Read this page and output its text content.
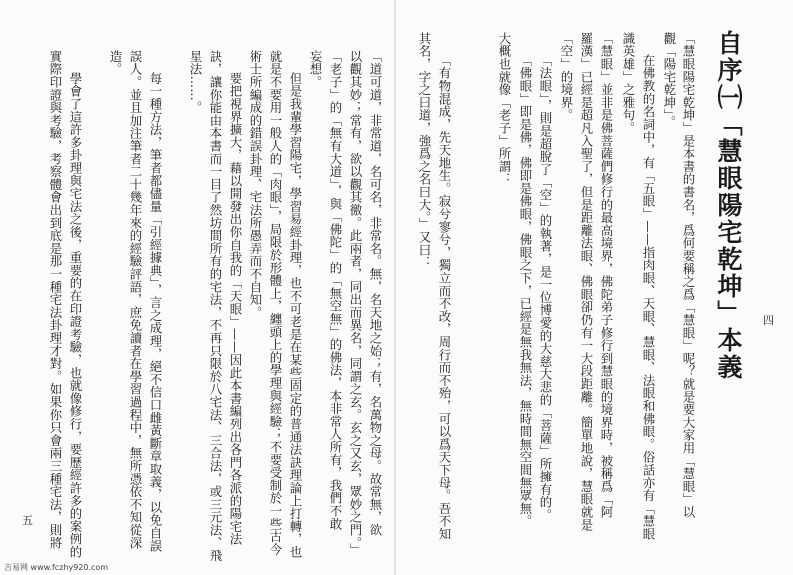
四
自序㈠「慧眼陽宅乾坤」本義
「慧眼陽宅乾坤」是本書的書名，爲何要稱之爲「慧眼」呢？就是要大家用「慧眼」以
觀「陽宅乾坤」。
在佛教的名詞中，有「五眼」——指肉眼、天眼、慧眼、法眼和佛眼。俗話亦有「慧眼
識英雄」之雅句。
「慧眼」並非是佛菩薩們修行的最高境界，佛陀弟子修行到慧眼的境界時，被稱爲「阿
羅漢」已經是超凡入聖了，但是距離法眼、佛眼卻仍有一大段距離。簡單地說，慧眼就是
「空」的境界。
「法眼」，則是超脫了「空」的執著，是一位博愛的大慈大悲的「菩薩」所擁有的。
「佛眼」即是佛，佛即是佛眼，佛眼之下，已經是無我無法，無時間無空間無眾無。
大概也就像「老子」所謂：
「有物混成，先天地生。寂兮寥兮，獨立而不改，周行而不殆，可以爲天下母。吾不知
其名，字之曰道，強爲之名曰大。」又曰：
「道可道，非常道，名可名，非常名。無，名天地之始；有，名萬物之母。故常無，欲
以觀其妙；常有，欲以觀其徼。此兩者，同出而異名，同謂之玄。玄之又玄，眾妙之門。」
「老子」的「無有大道」，與「佛陀」的「無空無」的佛法，本非常人所有，我們不敢
妄想。
但是我輩學習陽宅，學習易經卦理，也不可老是在某些固定的普通法訣理論上打轉，也
就是不要用一般人的「肉眼」，局限於形體上，纏頭上的學理與經驗；不要受制於一些古今
術士所編成的錯誤卦理、宅法所愚弄而不自知。
要把視界擴大，藉以開發出你自我的「天眼」——因此本書編列出各門各派的陽宅法
訣，讓你能由本書而一目了然坊間所有的宅法，不再只限於八宅法、三合法，或三元法、飛
星法……。
每一種方法，筆者都儘量「引經據典」，言之成理，絕不信口雌黃斷章取義，以免自誤
誤人。並且加注筆者二十幾年來的經驗評語，庶免讀者在學習過程中，無所憑依不知從深
造。
學會了這許多卦理與宅法之後，重要的在印證考驗，也就像修行，要歷經許多的案例的
實際印證與考驗，考察體會出到底是那一種宅法卦理才對。如果你只會兩三種宅法，則將
五
吉易网 www.fczhy920.com
